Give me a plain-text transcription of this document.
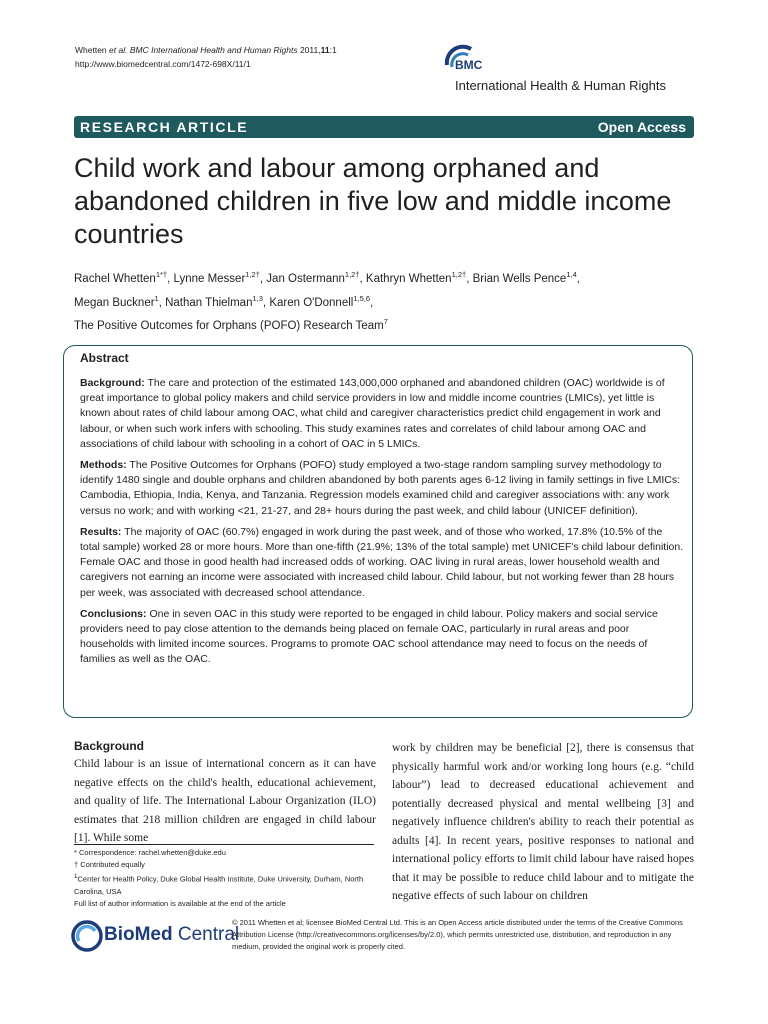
Whetten et al. BMC International Health and Human Rights 2011,11:1
http://www.biomedcentral.com/1472-698X/11/1	BMC
International Health & Human Rights
RESEARCH ARTICLE	Open Access
Child work and labour among orphaned and abandoned children in five low and middle income countries
Rachel Whetten$^{1*\dagger}$, Lynne Messer$^{1,2\dagger}$, Jan Ostermann$^{1,2\dagger}$, Kathryn Whetten$^{1,2\dagger}$, Brian Wells Pence$^{1,4}$,
Megan Buckner$^1$, Nathan Thielman$^{1,3}$, Karen O'Donnell$^{1,5,6}$,
The Positive Outcomes for Orphans (POFO) Research Team$^7$
Abstract

Background: The care and protection of the estimated 143,000,000 orphaned and abandoned children (OAC) worldwide is of great importance to global policy makers and child service providers in low and middle income countries (LMICs), yet little is known about rates of child labour among OAC, what child and caregiver characteristics predict child engagement in work and labour, or when such work infers with schooling. This study examines rates and correlates of child labour among OAC and associations of child labour with schooling in a cohort of OAC in 5 LMICs.

Methods: The Positive Outcomes for Orphans (POFO) study employed a two-stage random sampling survey methodology to identify 1480 single and double orphans and children abandoned by both parents ages 6-12 living in family settings in five LMICs: Cambodia, Ethiopia, India, Kenya, and Tanzania. Regression models examined child and caregiver associations with: any work versus no work; and with working <21, 21-27, and 28+ hours during the past week, and child labour (UNICEF definition).

Results: The majority of OAC (60.7%) engaged in work during the past week, and of those who worked, 17.8% (10.5% of the total sample) worked 28 or more hours. More than one-fifth (21.9%; 13% of the total sample) met UNICEF's child labour definition. Female OAC and those in good health had increased odds of working. OAC living in rural areas, lower household wealth and caregivers not earning an income were associated with increased child labour. Child labour, but not working fewer than 28 hours per week, was associated with decreased school attendance.

Conclusions: One in seven OAC in this study were reported to be engaged in child labour. Policy makers and social service providers need to pay close attention to the demands being placed on female OAC, particularly in rural areas and poor households with limited income sources. Programs to promote OAC school attendance may need to focus on the needs of families as well as the OAC.

Background
Child labour is an issue of international concern as it can have negative effects on the child's health, educational achievement, and quality of life. The International Labour Organization (ILO) estimates that 218 million children are engaged in child labour [1]. While some
work by children may be beneficial [2], there is consensus that physically harmful work and/or working long hours (e.g. “child labour”) lead to decreased educational achievement and potentially decreased physical and mental wellbeing [3] and negatively influence children's ability to reach their potential as adults [4]. In recent years, positive responses to national and international policy efforts to limit child labour have raised hopes that it may be possible to reduce child labour and to mitigate the negative effects of such labour on children
* Correspondence: rachel.whetten@duke.edu
† Contributed equally
$^1$Center for Health Policy, Duke Global Health Institute, Duke University, Durham, North Carolina, USA
Full list of author information is available at the end of the article
BioMed Central
© 2011 Whetten et al; licensee BioMed Central Ltd. This is an Open Access article distributed under the terms of the Creative Commons Attribution License (http://creativecommons.org/licenses/by/2.0), which permits unrestricted use, distribution, and reproduction in any medium, provided the original work is properly cited.
